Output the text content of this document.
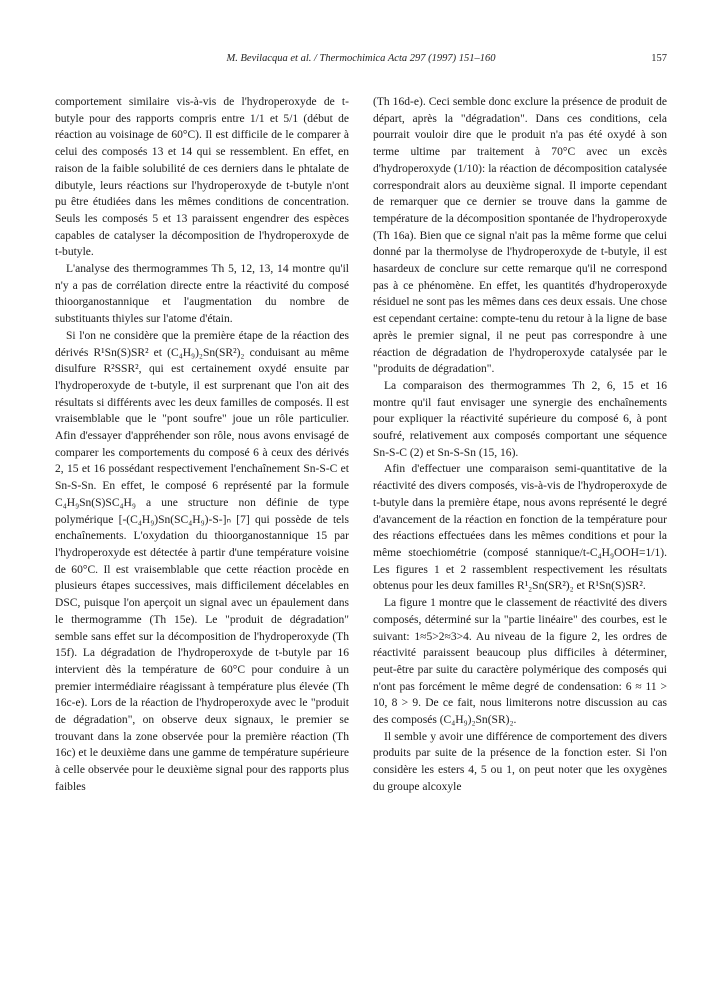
M. Bevilacqua et al. / Thermochimica Acta 297 (1997) 151–160	157

comportement similaire vis-à-vis de l'hydroperoxyde de t-butyle pour des rapports compris entre 1/1 et 5/1 (début de réaction au voisinage de 60°C). Il est difficile de le comparer à celui des composés 13 et 14 qui se ressemblent. En effet, en raison de la faible solubilité de ces derniers dans le phtalate de dibutyle, leurs réactions sur l'hydroperoxyde de t-butyle n'ont pu être étudiées dans les mêmes conditions de concentration. Seuls les composés 5 et 13 paraissent engendrer des espèces capables de catalyser la décomposition de l'hydroperoxyde de t-butyle.

L'analyse des thermogrammes Th 5, 12, 13, 14 montre qu'il n'y a pas de corrélation directe entre la réactivité du composé thioorganostannique et l'augmentation du nombre de substituants thiyles sur l'atome d'étain.

Si l'on ne considère que la première étape de la réaction des dérivés R¹Sn(S)SR² et (C₄H₉)₂Sn(SR²)₂ conduisant au même disulfure R²SSR², qui est certainement oxydé ensuite par l'hydroperoxyde de t-butyle, il est surprenant que l'on ait des résultats si différents avec les deux familles de composés. Il est vraisemblable que le "pont soufre" joue un rôle particulier. Afin d'essayer d'appréhender son rôle, nous avons envisagé de comparer les comportements du composé 6 à ceux des dérivés 2, 15 et 16 possédant respectivement l'enchaînement Sn-S-C et Sn-S-Sn. En effet, le composé 6 représenté par la formule C₄H₉Sn(S)SC₄H₉ a une structure non définie de type polymérique [-(C₄H₉)Sn(SC₄H₉)-S-]ₙ [7] qui possède de tels enchaînements. L'oxydation du thioorganostannique 15 par l'hydroperoxyde est détectée à partir d'une température voisine de 60°C. Il est vraisemblable que cette réaction procède en plusieurs étapes successives, mais difficilement décelables en DSC, puisque l'on aperçoit un signal avec un épaulement dans le thermogramme (Th 15e). Le "produit de dégradation" semble sans effet sur la décomposition de l'hydroperoxyde (Th 15f). La dégradation de l'hydroperoxyde de t-butyle par 16 intervient dès la température de 60°C pour conduire à un premier intermédiaire réagissant à température plus élevée (Th 16c-e). Lors de la réaction de l'hydroperoxyde avec le "produit de dégradation", on observe deux signaux, le premier se trouvant dans la zone observée pour la première réaction (Th 16c) et le deuxième dans une gamme de température supérieure à celle observée pour le deuxième signal pour des rapports plus faibles

(Th 16d-e). Ceci semble donc exclure la présence de produit de départ, après la "dégradation". Dans ces conditions, cela pourrait vouloir dire que le produit n'a pas été oxydé à son terme ultime par traitement à 70°C avec un excès d'hydroperoxyde (1/10): la réaction de décomposition catalysée correspondrait alors au deuxième signal. Il importe cependant de remarquer que ce dernier se trouve dans la gamme de température de la décomposition spontanée de l'hydroperoxyde (Th 16a). Bien que ce signal n'ait pas la même forme que celui donné par la thermolyse de l'hydroperoxyde de t-butyle, il est hasardeux de conclure sur cette remarque qu'il ne correspond pas à ce phénomène. En effet, les quantités d'hydroperoxyde résiduel ne sont pas les mêmes dans ces deux essais. Une chose est cependant certaine: compte-tenu du retour à la ligne de base après le premier signal, il ne peut pas correspondre à une réaction de dégradation de l'hydroperoxyde catalysée par le "produits de dégradation".

La comparaison des thermogrammes Th 2, 6, 15 et 16 montre qu'il faut envisager une synergie des enchaînements pour expliquer la réactivité supérieure du composé 6, à pont soufré, relativement aux composés comportant une séquence Sn-S-C (2) et Sn-S-Sn (15, 16).

Afin d'effectuer une comparaison semi-quantitative de la réactivité des divers composés, vis-à-vis de l'hydroperoxyde de t-butyle dans la première étape, nous avons représenté le degré d'avancement de la réaction en fonction de la température pour des réactions effectuées dans les mêmes conditions et pour la même stoechiométrie (composé stannique/t-C₄H₉OOH=1/1). Les figures 1 et 2 rassemblent respectivement les résultats obtenus pour les deux familles R¹₂Sn(SR²)₂ et R¹Sn(S)SR².

La figure 1 montre que le classement de réactivité des divers composés, déterminé sur la "partie linéaire" des courbes, est le suivant: 1≈5>2≈3>4. Au niveau de la figure 2, les ordres de réactivité paraissent beaucoup plus difficiles à déterminer, peut-être par suite du caractère polymérique des composés qui n'ont pas forcément le même degré de condensation: 6 ≈ 11 > 10, 8 > 9. De ce fait, nous limiterons notre discussion au cas des composés (C₄H₉)₂Sn(SR)₂.

Il semble y avoir une différence de comportement des divers produits par suite de la présence de la fonction ester. Si l'on considère les esters 4, 5 ou 1, on peut noter que les oxygènes du groupe alcoxyle
